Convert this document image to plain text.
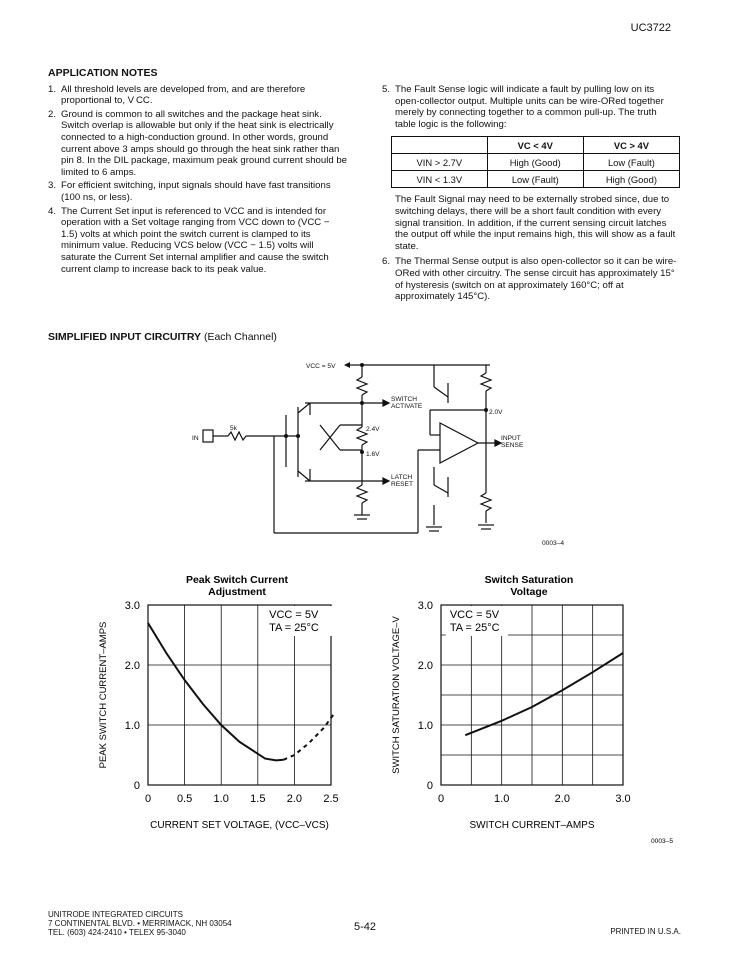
UC3722
APPLICATION NOTES
1. All threshold levels are developed from, and are therefore proportional to, V CC.
2. Ground is common to all switches and the package heat sink. Switch overlap is allowable but only if the heat sink is electrically connected to a high-conduction ground. In other words, ground current above 3 amps should go through the heat sink rather than pin 8. In the DIL package, maximum peak ground current should be limited to 6 amps.
3. For efficient switching, input signals should have fast transitions (100 ns, or less).
4. The Current Set input is referenced to VCC and is intended for operation with a Set voltage ranging from VCC down to (VCC − 1.5) volts at which point the switch current is clamped to its minimum value. Reducing VCS below (VCC − 1.5) volts will saturate the Current Set internal amplifier and cause the switch current clamp to increase back to its peak value.
5. The Fault Sense logic will indicate a fault by pulling low on its open-collector output. Multiple units can be wire-ORed together merely by connecting together to a common pull-up. The truth table logic is the following:
	VC < 4V	VC > 4V
VIN > 2.7V	High (Good)	Low (Fault)
VIN < 1.3V	Low (Fault)	High (Good)

The Fault Signal may need to be externally strobed since, due to switching delays, there will be a short fault condition with every signal transition. In addition, if the current sensing circuit latches the output off while the input remains high, this will show as a fault state.

6. The Thermal Sense output is also open-collector so it can be wire-ORed with other circuitry. The sense circuit has approximately 15° of hysteresis (switch on at approximately 160°C; off at approximately 145°C).
SIMPLIFIED INPUT CIRCUITRY (Each Channel)
VCC = 5V
SWITCH
ACTIVATE
2.0V
2.4V
1.6V
5k
IN	INPUT
SENSE
LATCH
RESET
0003–4
Peak Switch Current
Adjustment
0 0.5 1.0 1.5 2.0 2.5
0
1.0
2.0
3.0
CURRENT SET VOLTAGE, (VCC–VCS)
PEAK SWITCH CURRENT–AMPS
VCC = 5V
TA = 25°C
Switch Saturation
Voltage
0	1.0	2.0	3.0
0
1.0
2.0
3.0
SWITCH CURRENT–AMPS
SWITCH SATURATION VOLTAGE–V
VCC = 5V
TA = 25°C
0003–5
UNITRODE INTEGRATED CIRCUITS
7 CONTINENTAL BLVD. • MERRIMACK, NH 03054
TEL. (603) 424-2410 • TELEX 95-3040	5-42	PRINTED IN U.S.A.
